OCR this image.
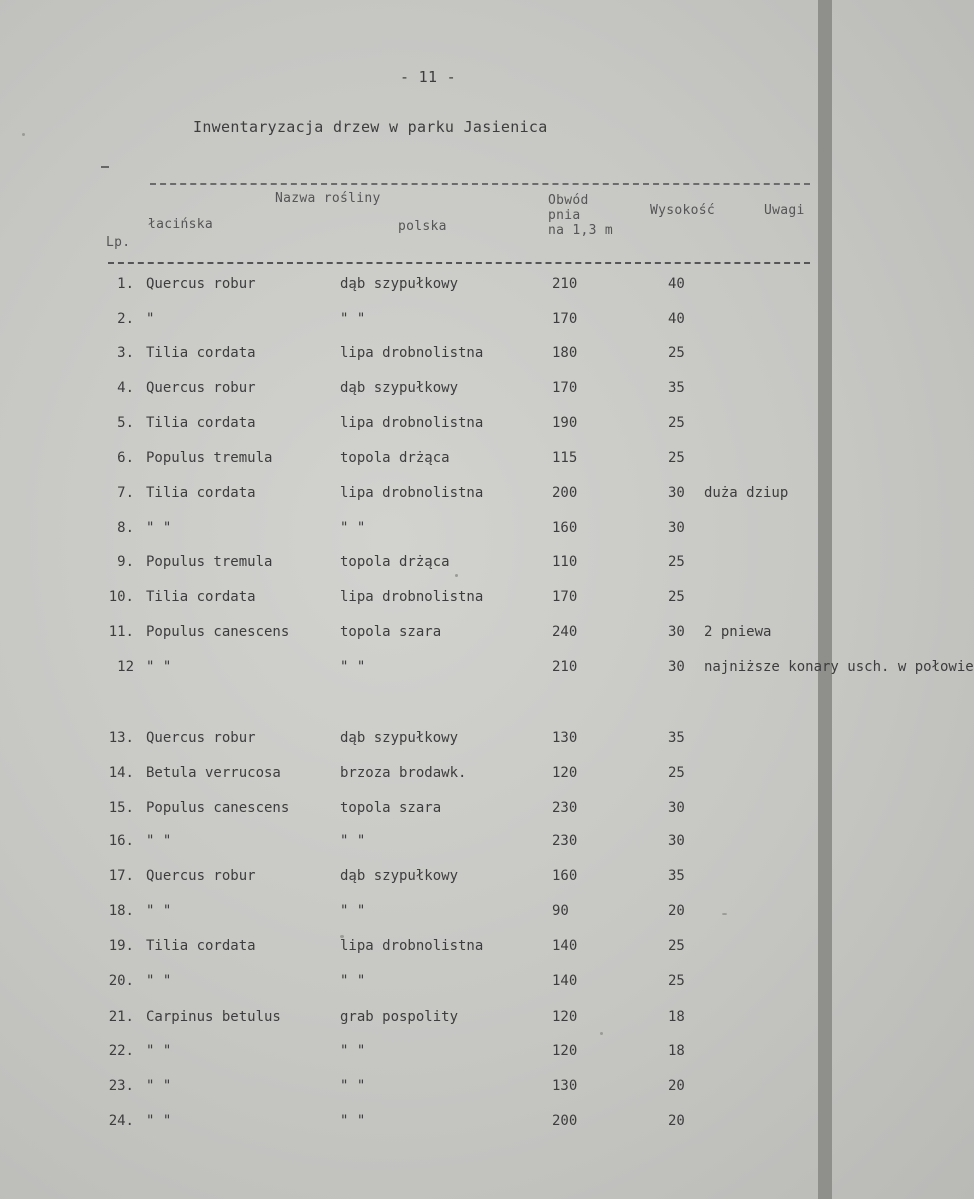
- 11 -
Inwentaryzacja drzew w parku Jasienica
Nazwa rośliny
łacińska	polska
Lp.
Obwód
pnia
na 1,3 m
Wysokość	Uwagi
1. Quercus robur	dąb szypułkowy	210	40
2. "	" "	170	40
3. Tilia cordata	lipa drobnolistna	180	25
4. Quercus robur	dąb szypułkowy	170	35
5. Tilia cordata	lipa drobnolistna	190	25
6. Populus tremula	topola drżąca	115	25
7. Tilia cordata	lipa drobnolistna	200	30 duża dziup
8. " "	" "	160	30
9. Populus tremula	topola drżąca	110	25
10. Tilia cordata	lipa drobnolistna	170	25
11. Populus canescens	topola szara	240	30 2 pniewa
12 " "	" "	210	30 najniższe konary usch. w połowie
13. Quercus robur	dąb szypułkowy	130	35
14. Betula verrucosa	brzoza brodawk.	120	25
15. Populus canescens	topola szara	230	30
16. " "	" "	230	30
17. Quercus robur	dąb szypułkowy	160	35
18. " "	" "	90	20
19. Tilia cordata	lipa drobnolistna	140	25
20. " "	" "	140	25
21. Carpinus betulus	grab pospolity	120	18
22. " "	" "	120	18
23. " "	" "	130	20
24. " "	" "	200	20
